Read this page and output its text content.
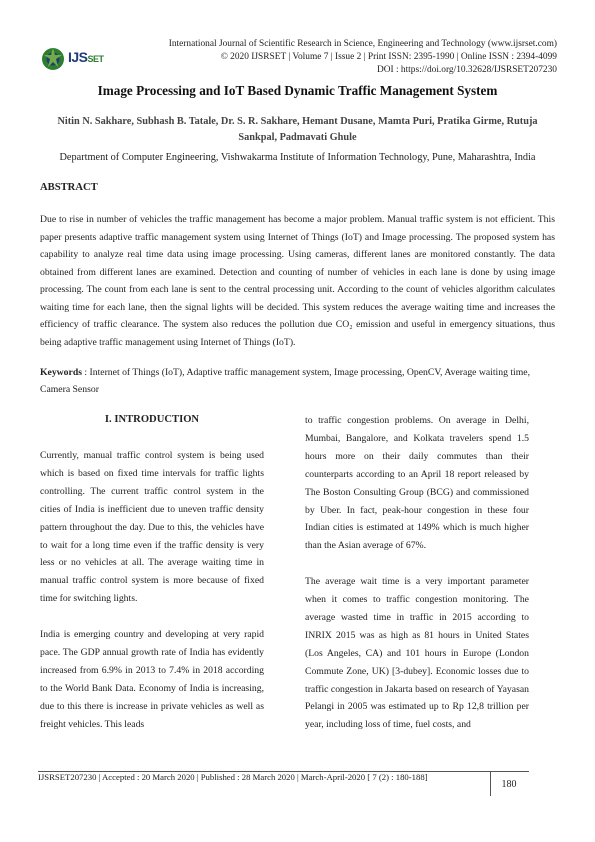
IJSSET
International Journal of Scientific Research in Science, Engineering and Technology (www.ijsrset.com)
© 2020 IJSRSET | Volume 7 | Issue 2 | Print ISSN: 2395-1990 | Online ISSN : 2394-4099
DOI : https://doi.org/10.32628/IJSRSET207230
Image Processing and IoT Based Dynamic Traffic Management System
Nitin N. Sakhare, Subhash B. Tatale, Dr. S. R. Sakhare, Hemant Dusane, Mamta Puri, Pratika Girme, Rutuja Sankpal, Padmavati Ghule
Department of Computer Engineering, Vishwakarma Institute of Information Technology, Pune, Maharashtra, India
ABSTRACT
Due to rise in number of vehicles the traffic management has become a major problem. Manual traffic system is not efficient. This paper presents adaptive traffic management system using Internet of Things (IoT) and Image processing. The proposed system has capability to analyze real time data using image processing. Using cameras, different lanes are monitored constantly. The data obtained from different lanes are examined. Detection and counting of number of vehicles in each lane is done by using image processing. The count from each lane is sent to the central processing unit. According to the count of vehicles algorithm calculates waiting time for each lane, then the signal lights will be decided. This system reduces the average waiting time and increases the efficiency of traffic clearance. The system also reduces the pollution due CO₂ emission and useful in emergency situations, thus being adaptive traffic management using Internet of Things (IoT).
Keywords : Internet of Things (IoT), Adaptive traffic management system, Image processing, OpenCV, Average waiting time, Camera Sensor
I. INTRODUCTION

Currently, manual traffic control system is being used which is based on fixed time intervals for traffic lights controlling. The current traffic control system in the cities of India is inefficient due to uneven traffic density pattern throughout the day. Due to this, the vehicles have to wait for a long time even if the traffic density is very less or no vehicles at all. The average waiting time in manual traffic control system is more because of fixed time for switching lights.

India is emerging country and developing at very rapid pace. The GDP annual growth rate of India has evidently increased from 6.9% in 2013 to 7.4% in 2018 according to the World Bank Data. Economy of India is increasing, due to this there is increase in private vehicles as well as freight vehicles. This leads

to traffic congestion problems. On average in Delhi, Mumbai, Bangalore, and Kolkata travelers spend 1.5 hours more on their daily commutes than their counterparts according to an April 18 report released by The Boston Consulting Group (BCG) and commissioned by Uber. In fact, peak-hour congestion in these four Indian cities is estimated at 149% which is much higher than the Asian average of 67%.

The average wait time is a very important parameter when it comes to traffic congestion monitoring. The average wasted time in traffic in 2015 according to INRIX 2015 was as high as 81 hours in United States (Los Angeles, CA) and 101 hours in Europe (London Commute Zone, UK) [3-dubey]. Economic losses due to traffic congestion in Jakarta based on research of Yayasan Pelangi in 2005 was estimated up to Rp 12,8 trillion per year, including loss of time, fuel costs, and

IJSRSET207230 | Accepted : 20 March 2020 | Published : 28 March 2020 | March-April-2020 [ 7 (2) : 180-188]
180
